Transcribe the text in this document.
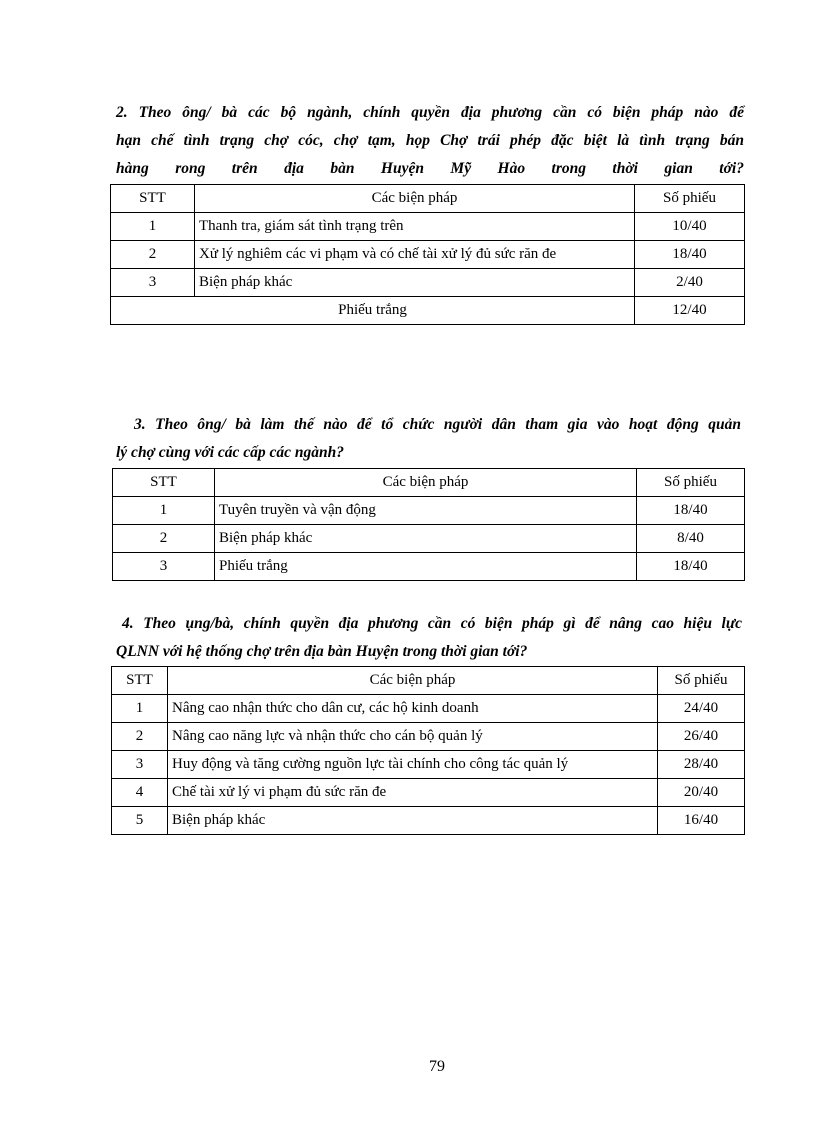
2. Theo ông/ bà các bộ ngành, chính quyền địa phương cần có biện pháp nào để
hạn chế tình trạng chợ cóc, chợ tạm, họp Chợ trái phép đặc biệt là tình trạng bán
hàng rong trên địa bàn Huyện Mỹ Hào trong thời gian tới?

STT	Các biện pháp	Số phiếu
1	Thanh tra, giám sát tình trạng trên	10/40
2	Xử lý nghiêm các vi phạm và có chế tài xử lý đủ sức răn đe	18/40
3	Biện pháp khác	2/40
Phiếu trắng		12/40

3. Theo ông/ bà làm thế nào để tổ chức người dân tham gia vào hoạt động quản
lý chợ cùng với các cấp các ngành?

STT	Các biện pháp	Số phiếu
1	Tuyên truyền và vận động	18/40
2	Biện pháp khác	8/40
3	Phiếu trắng	18/40

4. Theo ụng/bà, chính quyền địa phương cần có biện pháp gì để nâng cao hiệu lực
QLNN với hệ thống chợ trên địa bàn Huyện trong thời gian tới?

STT	Các biện pháp	Số phiếu
1	Nâng cao nhận thức cho dân cư, các hộ kinh doanh	24/40
2	Nâng cao năng lực và nhận thức cho cán bộ quản lý	26/40
3	Huy động và tăng cường nguồn lực tài chính cho công tác quản lý	28/40
4	Chế tài xử lý vi phạm đủ sức răn đe	20/40
5	Biện pháp khác	16/40
79
